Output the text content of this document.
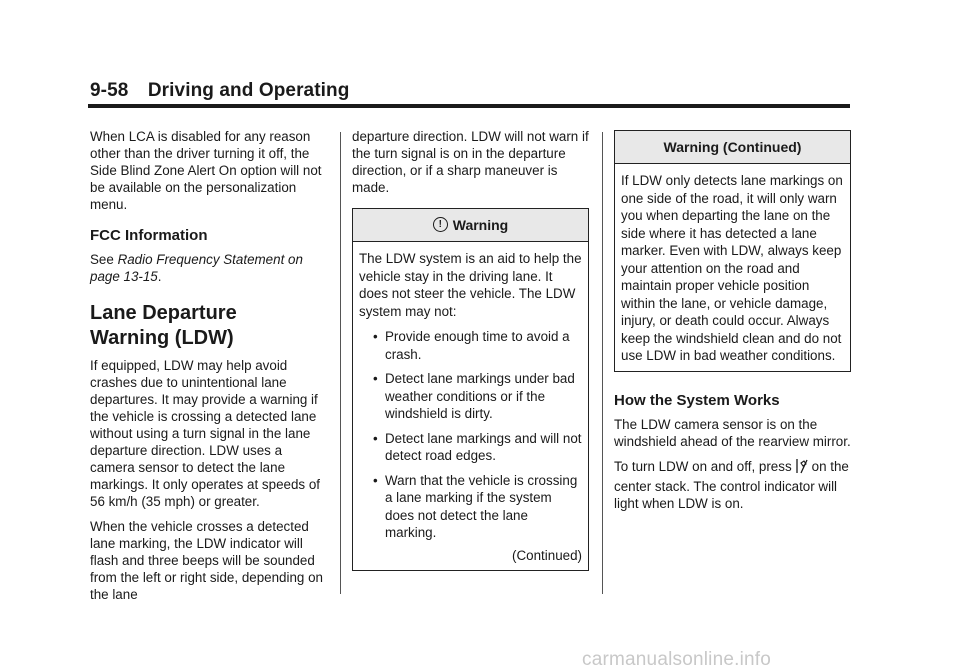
9-58 Driving and Operating

When LCA is disabled for any reason other than the driver turning it off, the Side Blind Zone Alert On option will not be available on the personalization menu.

FCC Information

See Radio Frequency Statement on page 13-15.

Lane Departure
Warning (LDW)

If equipped, LDW may help avoid crashes due to unintentional lane departures. It may provide a warning if the vehicle is crossing a detected lane without using a turn signal in the lane departure direction. LDW uses a camera sensor to detect the lane markings. It only operates at speeds of 56 km/h (35 mph) or greater.

When the vehicle crosses a detected lane marking, the LDW indicator will flash and three beeps will be sounded from the left or right side, depending on the lane

departure direction. LDW will not warn if the turn signal is on in the departure direction, or if a sharp maneuver is made.

! Warning

The LDW system is an aid to help the vehicle stay in the driving lane. It does not steer the vehicle. The LDW system may not:

• Provide enough time to avoid a crash.
• Detect lane markings under bad weather conditions or if the windshield is dirty.
• Detect lane markings and will not detect road edges.
• Warn that the vehicle is crossing a lane marking if the system does not detect the lane marking.
(Continued)
Warning (Continued)

If LDW only detects lane markings on one side of the road, it will only warn you when departing the lane on the side where it has detected a lane marker. Even with LDW, always keep your attention on the road and maintain proper vehicle position within the lane, or vehicle damage, injury, or death could occur. Always keep the windshield clean and do not use LDW in bad weather conditions.

How the System Works

The LDW camera sensor is on the windshield ahead of the rearview mirror.

To turn LDW on and off, press on the center stack. The control indicator will light when LDW is on.

carmanualsonline.info
